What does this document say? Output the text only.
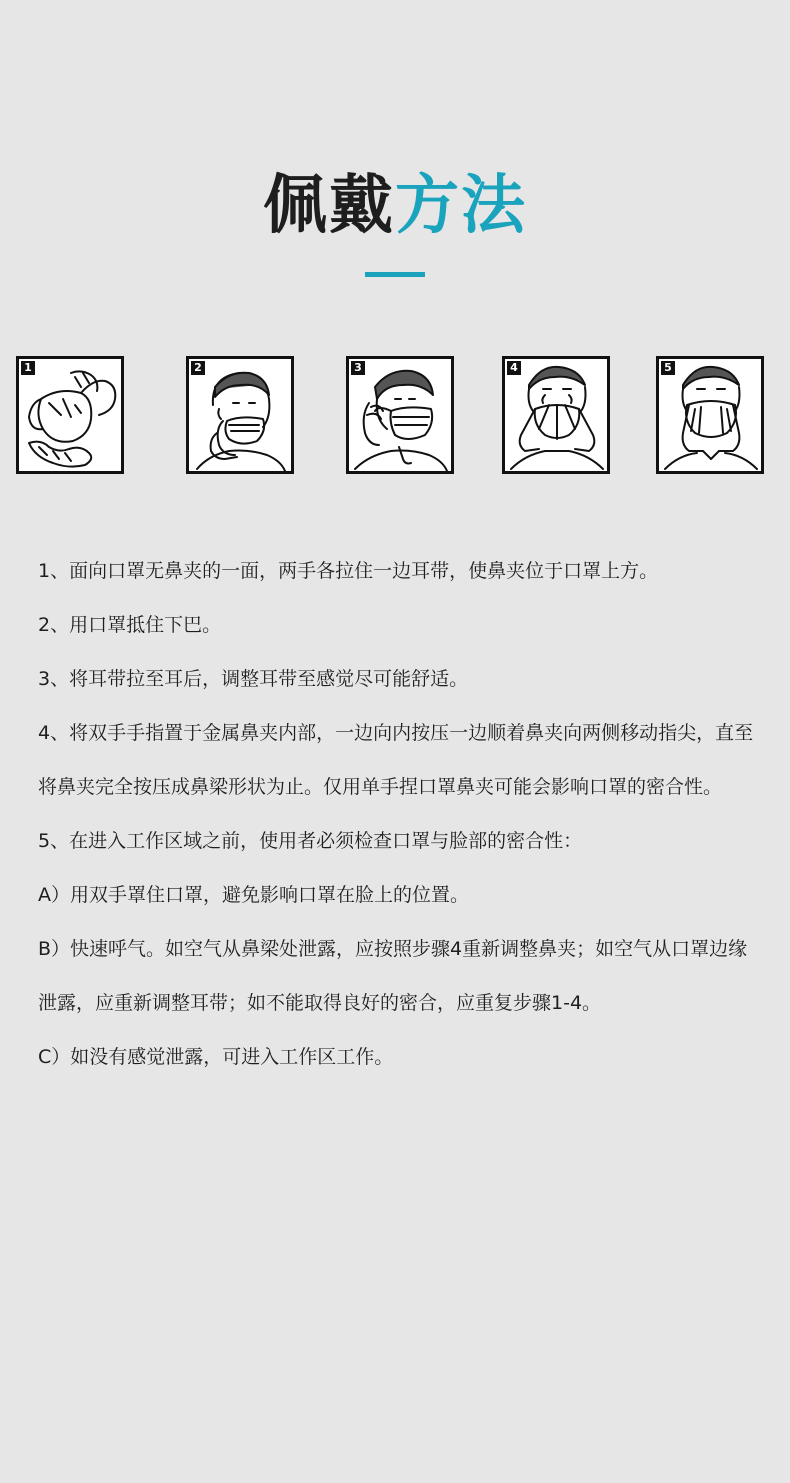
佩戴方法
1	2	3	4	5

1、面向口罩无鼻夹的一面，两手各拉住一边耳带，使鼻夹位于口罩上方。

2、用口罩抵住下巴。

3、将耳带拉至耳后，调整耳带至感觉尽可能舒适。

4、将双手手指置于金属鼻夹内部，一边向内按压一边顺着鼻夹向两侧移动指尖，直至将鼻夹完全按压成鼻梁形状为止。仅用单手捏口罩鼻夹可能会影响口罩的密合性。

5、在进入工作区域之前，使用者必须检查口罩与脸部的密合性：

A）用双手罩住口罩，避免影响口罩在脸上的位置。

B）快速呼气。如空气从鼻梁处泄露，应按照步骤4重新调整鼻夹；如空气从口罩边缘泄露，应重新调整耳带；如不能取得良好的密合，应重复步骤1-4。

C）如没有感觉泄露，可进入工作区工作。
